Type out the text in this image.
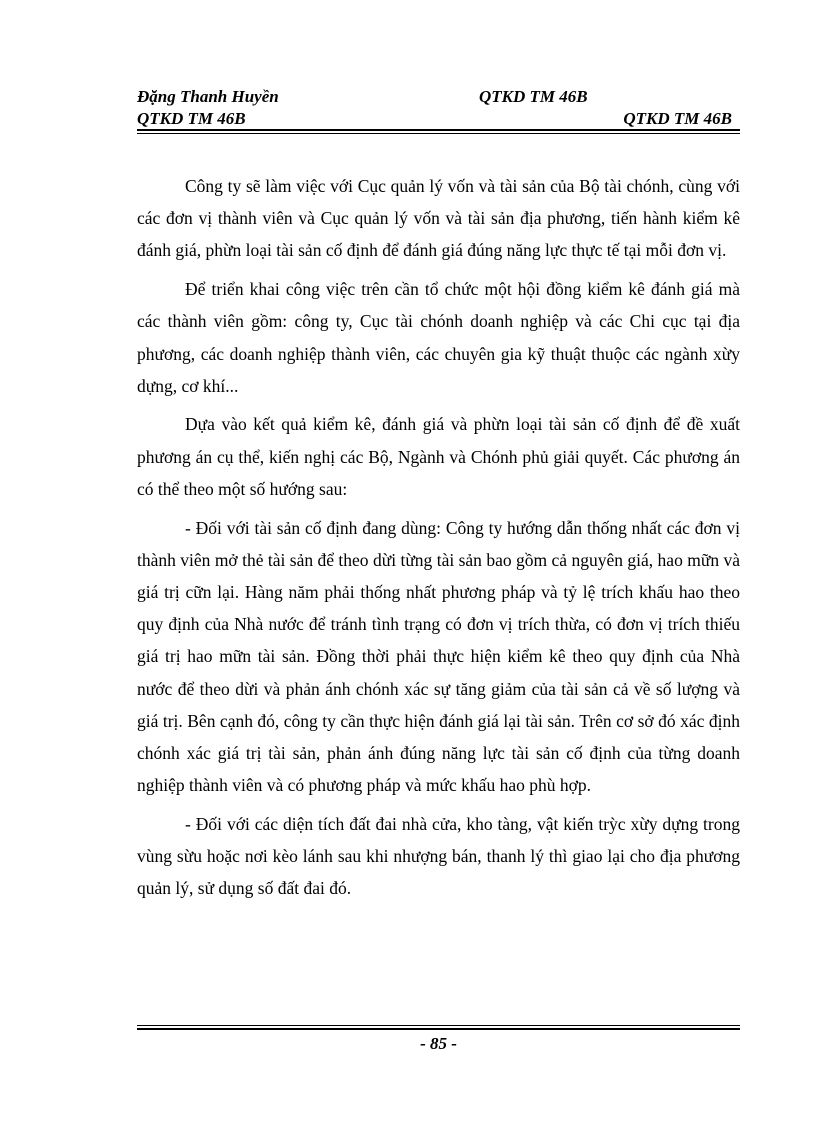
Đặng Thanh Huyền	QTKD TM 46B
QTKD TM 46B	QTKD TM 46B

Công ty sẽ làm việc với Cục quản lý vốn và tài sản của Bộ tài chónh, cùng với các đơn vị thành viên và Cục quản lý vốn và tài sản địa phương, tiến hành kiểm kê đánh giá, phừn loại tài sản cố định để đánh giá đúng năng lực thực tế tại mỗi đơn vị.

Để triển khai công việc trên cần tổ chức một hội đồng kiểm kê đánh giá mà các thành viên gồm: công ty, Cục tài chónh doanh nghiệp và các Chi cục tại địa phương, các doanh nghiệp thành viên, các chuyên gia kỹ thuật thuộc các ngành xừy dựng, cơ khí...

Dựa vào kết quả kiểm kê, đánh giá và phừn loại tài sản cố định để đề xuất phương án cụ thể, kiến nghị các Bộ, Ngành và Chónh phủ giải quyết. Các phương án có thể theo một số hướng sau:

- Đối với tài sản cố định đang dùng: Công ty hướng dẫn thống nhất các đơn vị thành viên mở thẻ tài sản để theo dừi từng tài sản bao gồm cả nguyên giá, hao mữn và giá trị cữn lại. Hàng năm phải thống nhất phương pháp và tỷ lệ trích khấu hao theo quy định của Nhà nước để tránh tình trạng có đơn vị trích thừa, có đơn vị trích thiếu giá trị hao mữn tài sản. Đồng thời phải thực hiện kiểm kê theo quy định của Nhà nước để theo dừi và phản ánh chónh xác sự tăng giảm của tài sản cả về số lượng và giá trị. Bên cạnh đó, công ty cần thực hiện đánh giá lại tài sản. Trên cơ sở đó xác định chónh xác giá trị tài sản, phản ánh đúng năng lực tài sản cố định của từng doanh nghiệp thành viên và có phương pháp và mức khấu hao phù hợp.

- Đối với các diện tích đất đai nhà cửa, kho tàng, vật kiến trỳc xừy dựng trong vùng sừu hoặc nơi kèo lánh sau khi nhượng bán, thanh lý thì giao lại cho địa phương quản lý, sử dụng số đất đai đó.

- 85 -
